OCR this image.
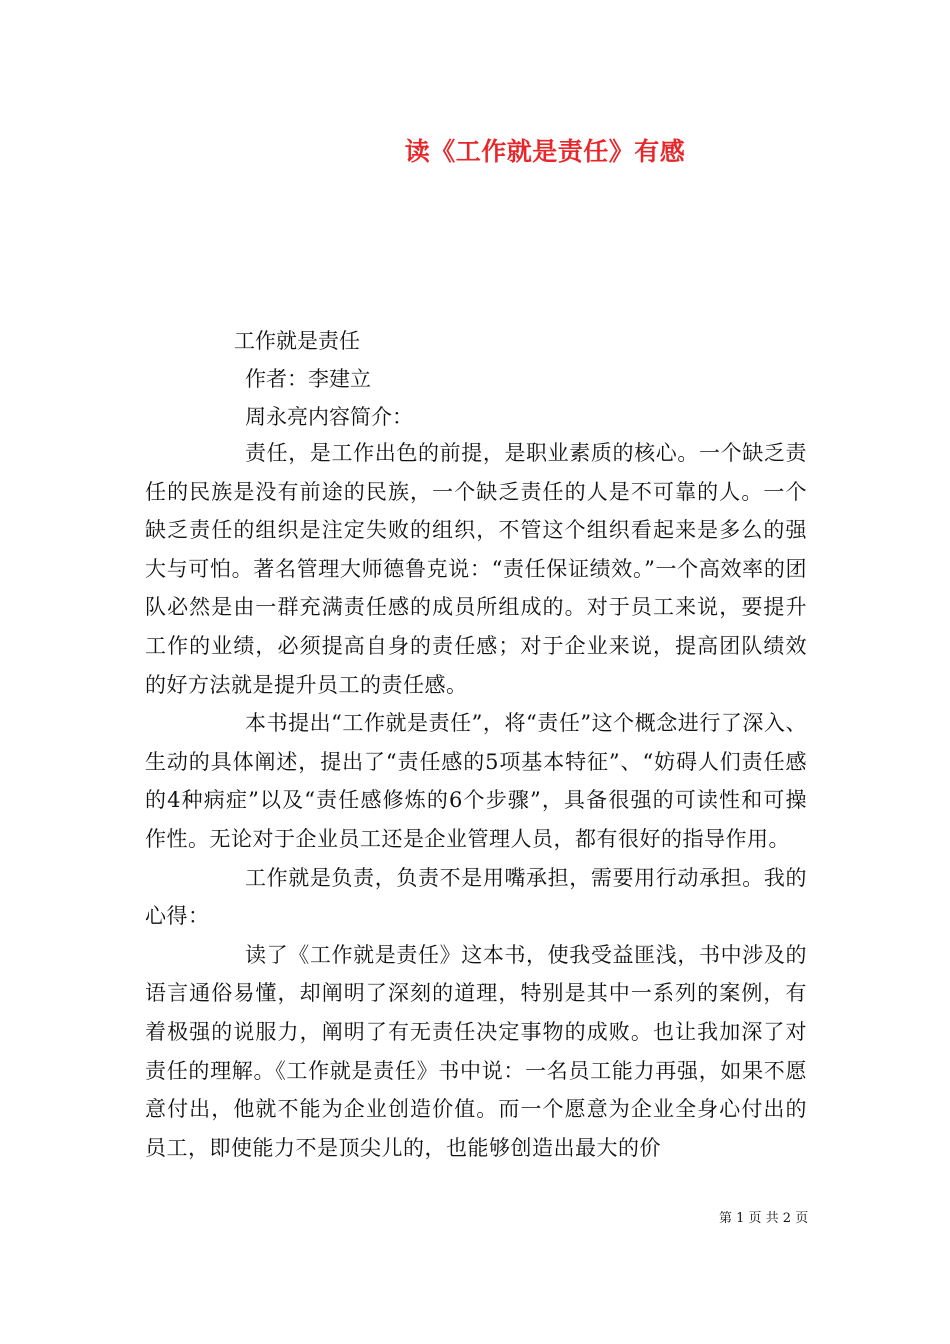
读《工作就是责任》有感
工作就是责任
作者：李建立
周永亮内容简介：

责任，是工作出色的前提，是职业素质的核心。一个缺乏责任的民族是没有前途的民族，一个缺乏责任的人是不可靠的人。一个缺乏责任的组织是注定失败的组织，不管这个组织看起来是多么的强大与可怕。著名管理大师德鲁克说：“责任保证绩效。”一个高效率的团队必然是由一群充满责任感的成员所组成的。对于员工来说，要提升工作的业绩，必须提高自身的责任感；对于企业来说，提高团队绩效的好方法就是提升员工的责任感。

本书提出“工作就是责任”，将“责任”这个概念进行了深入、生动的具体阐述，提出了“责任感的5项基本特征”、“妨碍人们责任感的4种病症”以及“责任感修炼的6个步骤”，具备很强的可读性和可操作性。无论对于企业员工还是企业管理人员，都有很好的指导作用。

工作就是负责，负责不是用嘴承担，需要用行动承担。我的心得：

读了《工作就是责任》这本书，使我受益匪浅，书中涉及的语言通俗易懂，却阐明了深刻的道理，特别是其中一系列的案例，有着极强的说服力，阐明了有无责任决定事物的成败。也让我加深了对责任的理解。《工作就是责任》书中说：一名员工能力再强，如果不愿意付出，他就不能为企业创造价值。而一个愿意为企业全身心付出的员工，即使能力不是顶尖儿的，也能够创造出最大的价

第 1 页 共 2 页
